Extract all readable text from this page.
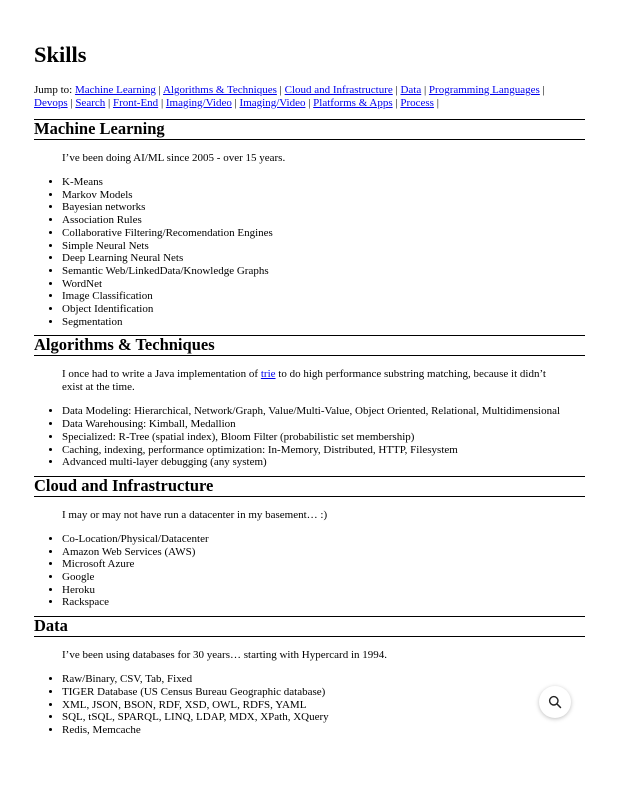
Skills
Jump to: Machine Learning | Algorithms & Techniques | Cloud and Infrastructure | Data | Programming Languages |
Devops | Search | Front-End | Imaging/Video | Imaging/Video | Platforms & Apps | Process |
Machine Learning

I’ve been doing AI/ML since 2005 - over 15 years.

• K-Means
• Markov Models
• Bayesian networks
• Association Rules
• Collaborative Filtering/Recomendation Engines
• Simple Neural Nets
• Deep Learning Neural Nets
• Semantic Web/LinkedData/Knowledge Graphs
• WordNet
• Image Classification
• Object Identification
• Segmentation
Algorithms & Techniques

I once had to write a Java implementation of trie to do high performance substring matching, because it didn’t exist at the time.

• Data Modeling: Hierarchical, Network/Graph, Value/Multi-Value, Object Oriented, Relational, Multidimensional
• Data Warehousing: Kimball, Medallion
• Specialized: R-Tree (spatial index), Bloom Filter (probabilistic set membership)
• Caching, indexing, performance optimization: In-Memory, Distributed, HTTP, Filesystem
• Advanced multi-layer debugging (any system)
Cloud and Infrastructure

I may or may not have run a datacenter in my basement… :)

• Co-Location/Physical/Datacenter
• Amazon Web Services (AWS)
• Microsoft Azure
• Google
• Heroku
• Rackspace
Data

I’ve been using databases for 30 years… starting with Hypercard in 1994.

• Raw/Binary, CSV, Tab, Fixed
• TIGER Database (US Census Bureau Geographic database)
• XML, JSON, BSON, RDF, XSD, OWL, RDFS, YAML
• SQL, tSQL, SPARQL, LINQ, LDAP, MDX, XPath, XQuery
• Redis, Memcache
